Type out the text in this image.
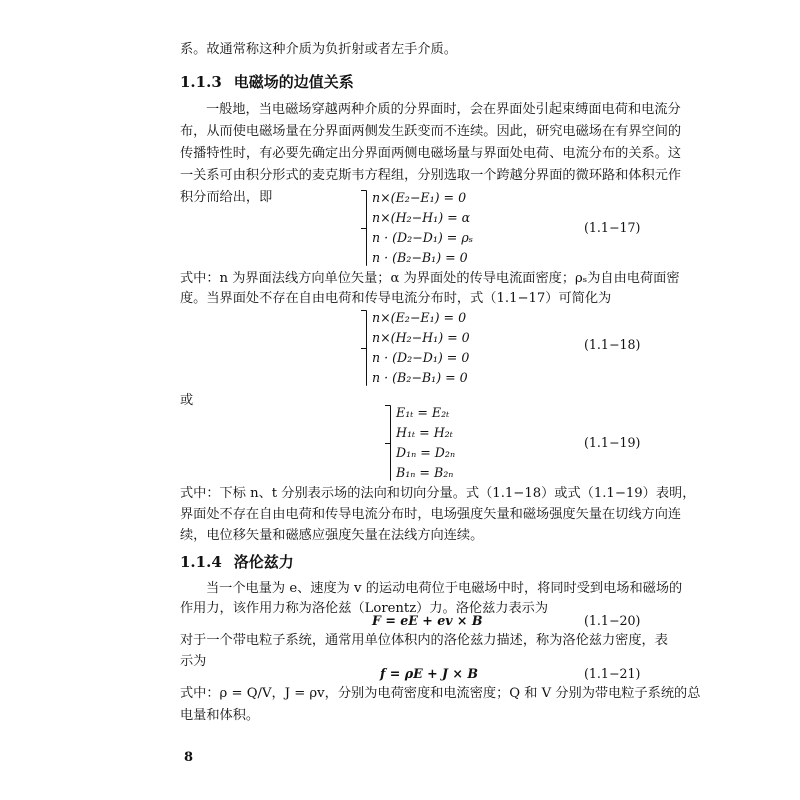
系。故通常称这种介质为负折射或者左手介质。
1.1.3 电磁场的边值关系
一般地，当电磁场穿越两种介质的分界面时，会在界面处引起束缚面电荷和电流分
布，从而使电磁场量在分界面两侧发生跃变而不连续。因此，研究电磁场在有界空间的
传播特性时，有必要先确定出分界面两侧电磁场量与界面处电荷、电流分布的关系。这
一关系可由积分形式的麦克斯韦方程组，分别选取一个跨越分界面的微环路和体积元作
积分而给出，即	n×(E₂−E₁) = 0
n×(H₂−H₁) = α
n · (D₂−D₁) = ρₛ
n · (B₂−B₁) = 0
(1.1−17)
式中：n 为界面法线方向单位矢量；α 为界面处的传导电流面密度；ρₛ为自由电荷面密
度。当界面处不存在自由电荷和传导电流分布时，式（1.1−17）可简化为
n×(E₂−E₁) = 0
n×(H₂−H₁) = 0
n · (D₂−D₁) = 0
n · (B₂−B₁) = 0
(1.1−18)
或
E₁ₜ = E₂ₜ
H₁ₜ = H₂ₜ
D₁ₙ = D₂ₙ
B₁ₙ = B₂ₙ
(1.1−19)
式中：下标 n、t 分别表示场的法向和切向分量。式（1.1−18）或式（1.1−19）表明，
界面处不存在自由电荷和传导电流分布时，电场强度矢量和磁场强度矢量在切线方向连
续，电位移矢量和磁感应强度矢量在法线方向连续。
1.1.4 洛伦兹力
当一个电量为 e、速度为 v 的运动电荷位于电磁场中时，将同时受到电场和磁场的
作用力，该作用力称为洛伦兹（Lorentz）力。洛伦兹力表示为
F = eE + ev × B	(1.1−20)
对于一个带电粒子系统，通常用单位体积内的洛伦兹力描述，称为洛伦兹力密度，表
示为
f = ρE + J × B	(1.1−21)
式中：ρ = Q/V，J = ρv，分别为电荷密度和电流密度；Q 和 V 分别为带电粒子系统的总
电量和体积。
8
